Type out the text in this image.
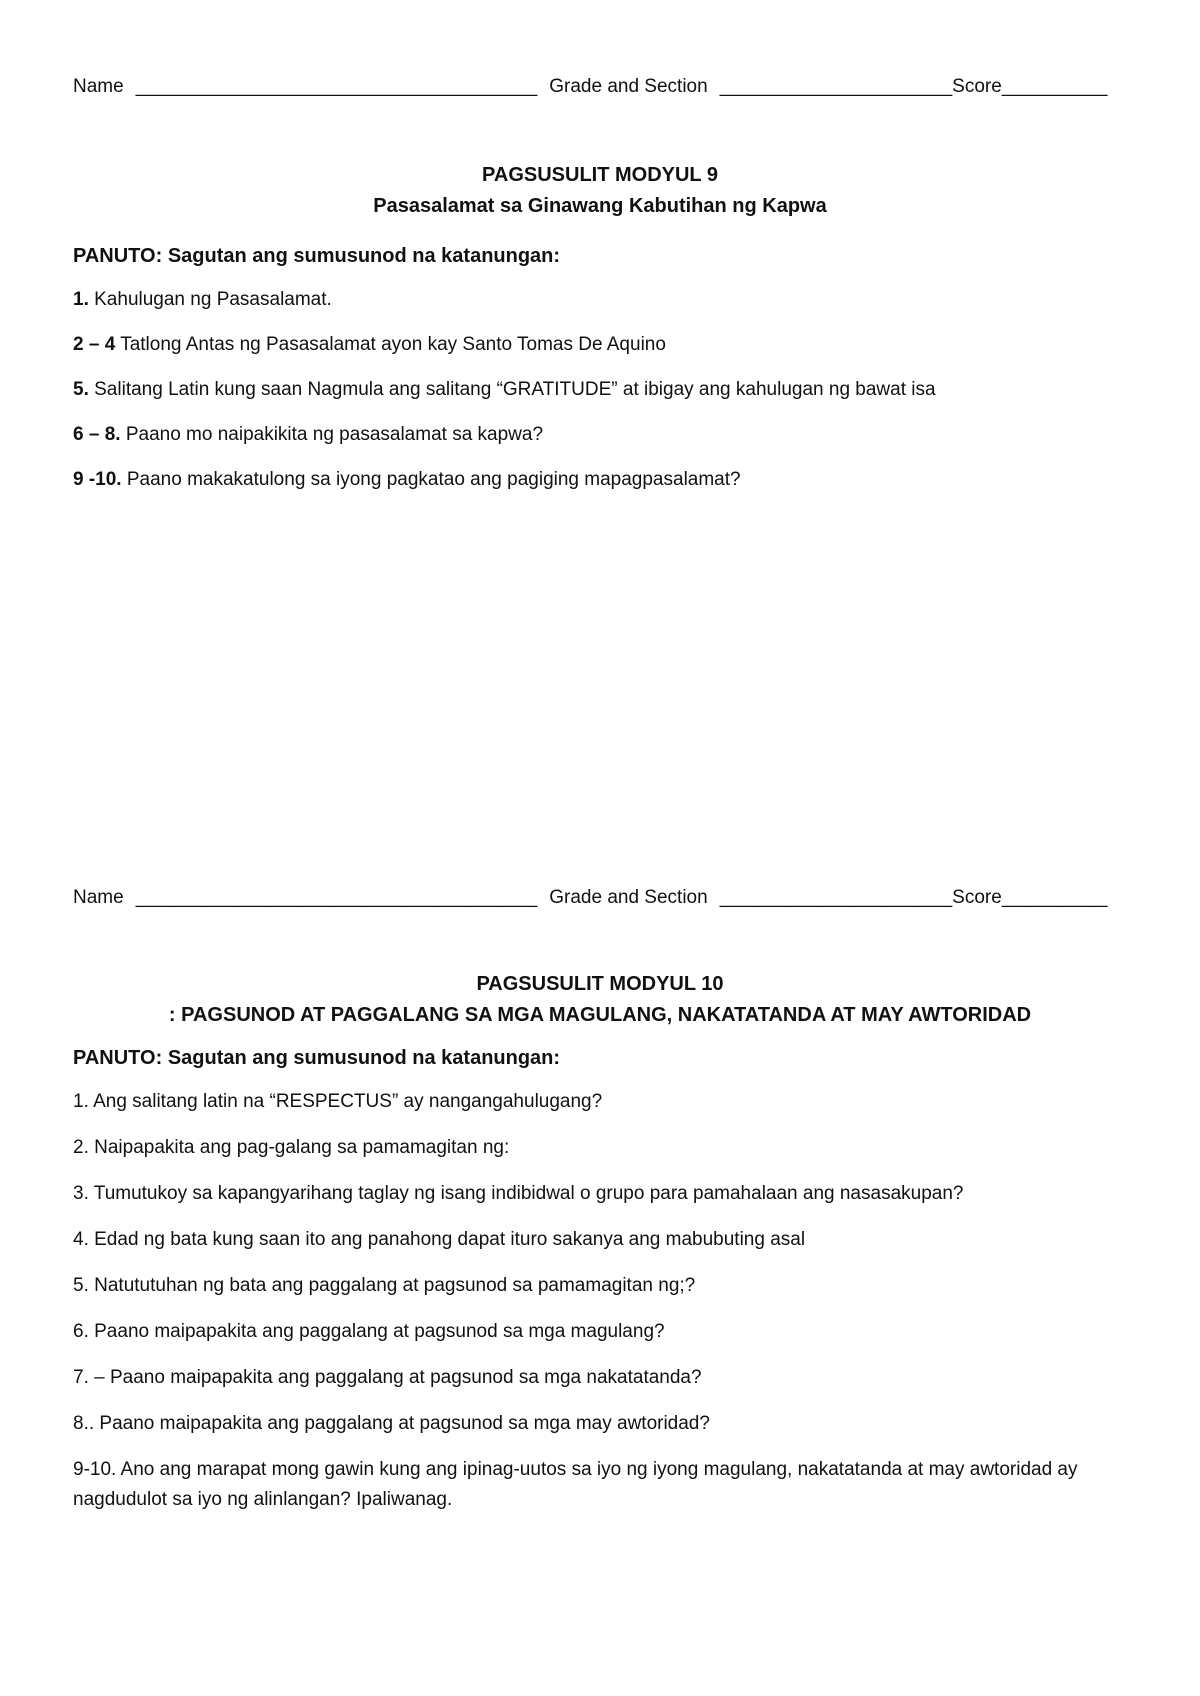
Name ______________________________________ Grade and Section ______________________ Score __________

PAGSUSULIT MODYUL 9
Pasasalamat sa Ginawang Kabutihan ng Kapwa

PANUTO: Sagutan ang sumusunod na katanungan:

1. Kahulugan ng Pasasalamat.
2 – 4 Tatlong Antas ng Pasasalamat ayon kay Santo Tomas De Aquino
5. Salitang Latin kung saan Nagmula ang salitang “GRATITUDE” at ibigay ang kahulugan ng bawat isa
6 – 8. Paano mo naipakikita ng pasasalamat sa kapwa?
9 -10. Paano makakatulong sa iyong pagkatao ang pagiging mapagpasalamat?

Name ______________________________________ Grade and Section ______________________ Score __________

PAGSUSULIT MODYUL 10
: PAGSUNOD AT PAGGALANG SA MGA MAGULANG, NAKATATANDA AT MAY AWTORIDAD

PANUTO: Sagutan ang sumusunod na katanungan:

1. Ang salitang latin na “RESPECTUS” ay nangangahulugang?
2. Naipapakita ang pag-galang sa pamamagitan ng:
3. Tumutukoy sa kapangyarihang taglay ng isang indibidwal o grupo para pamahalaan ang nasasakupan?
4. Edad ng bata kung saan ito ang panahong dapat ituro sakanya ang mabubuting asal
5. Natututuhan ng bata ang paggalang at pagsunod sa pamamagitan ng;?
6. Paano maipapakita ang paggalang at pagsunod sa mga magulang?
7. – Paano maipapakita ang paggalang at pagsunod sa mga nakatatanda?
8.. Paano maipapakita ang paggalang at pagsunod sa mga may awtoridad?
9-10. Ano ang marapat mong gawin kung ang ipinag-uutos sa iyo ng iyong magulang, nakatatanda at may awtoridad ay nagdudulot sa iyo ng alinlangan? Ipaliwanag.
